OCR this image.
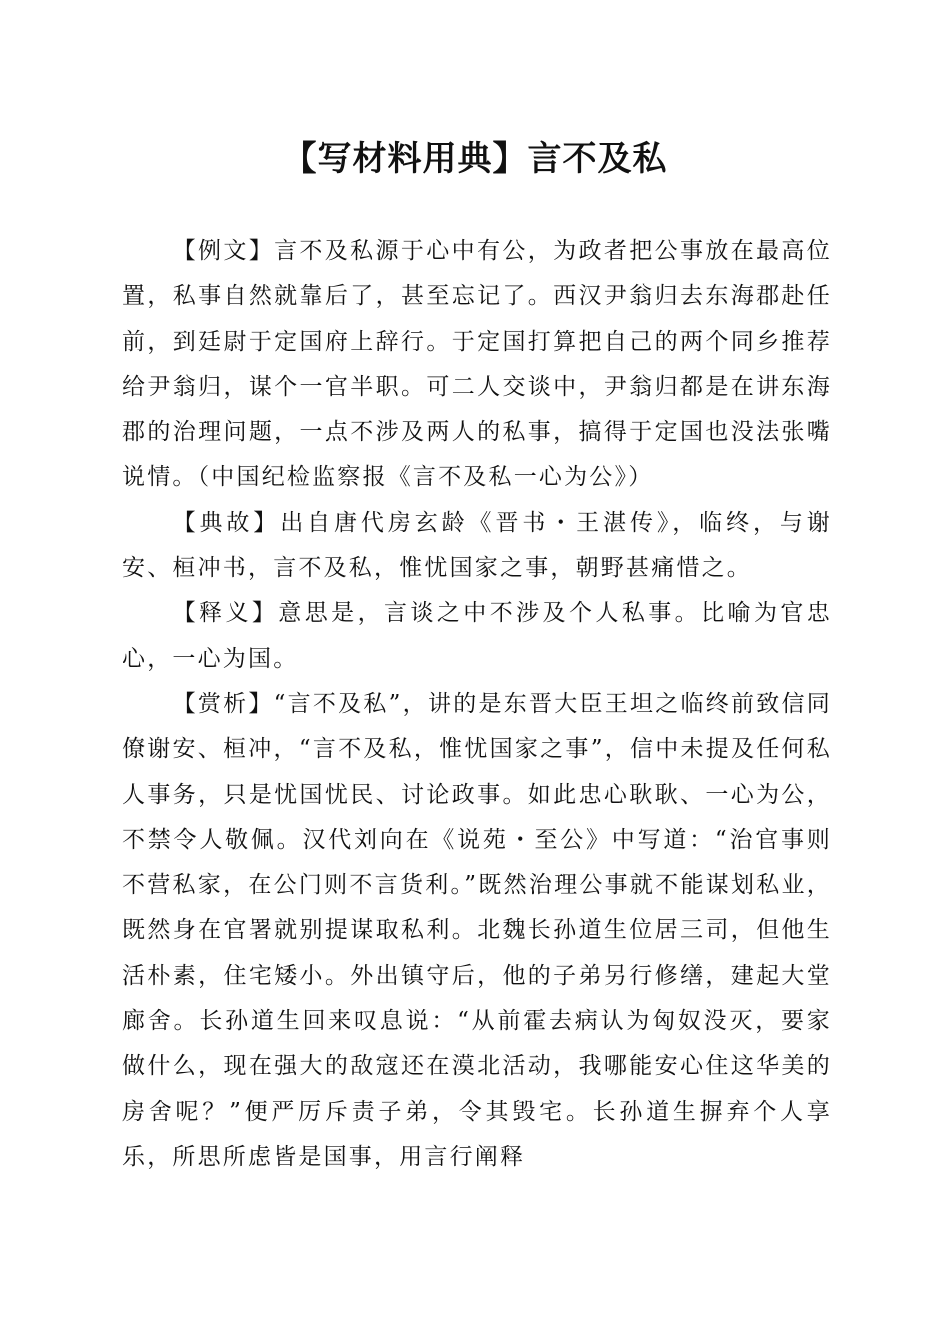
【写材料用典】言不及私

【例文】言不及私源于心中有公，为政者把公事放在最高位置，私事自然就靠后了，甚至忘记了。西汉尹翁归去东海郡赴任前，到廷尉于定国府上辞行。于定国打算把自己的两个同乡推荐给尹翁归，谋个一官半职。可二人交谈中，尹翁归都是在讲东海郡的治理问题，一点不涉及两人的私事，搞得于定国也没法张嘴说情。（中国纪检监察报《言不及私一心为公》）

【典故】出自唐代房玄龄《晋书・王湛传》，临终，与谢安、桓冲书，言不及私，惟忧国家之事，朝野甚痛惜之。

【释义】意思是，言谈之中不涉及个人私事。比喻为官忠心，一心为国。

【赏析】“言不及私”，讲的是东晋大臣王坦之临终前致信同僚谢安、桓冲，“言不及私，惟忧国家之事”，信中未提及任何私人事务，只是忧国忧民、讨论政事。如此忠心耿耿、一心为公，不禁令人敬佩。汉代刘向在《说苑・至公》中写道：“治官事则不营私家，在公门则不言货利。”既然治理公事就不能谋划私业，既然身在官署就别提谋取私利。北魏长孙道生位居三司，但他生活朴素，住宅矮小。外出镇守后，他的子弟另行修缮，建起大堂廊舍。长孙道生回来叹息说：“从前霍去病认为匈奴没灭，要家做什么，现在强大的敌寇还在漠北活动，我哪能安心住这华美的房舍呢？”便严厉斥责子弟，令其毁宅。长孙道生摒弃个人享乐，所思所虑皆是国事，用言行阐释
